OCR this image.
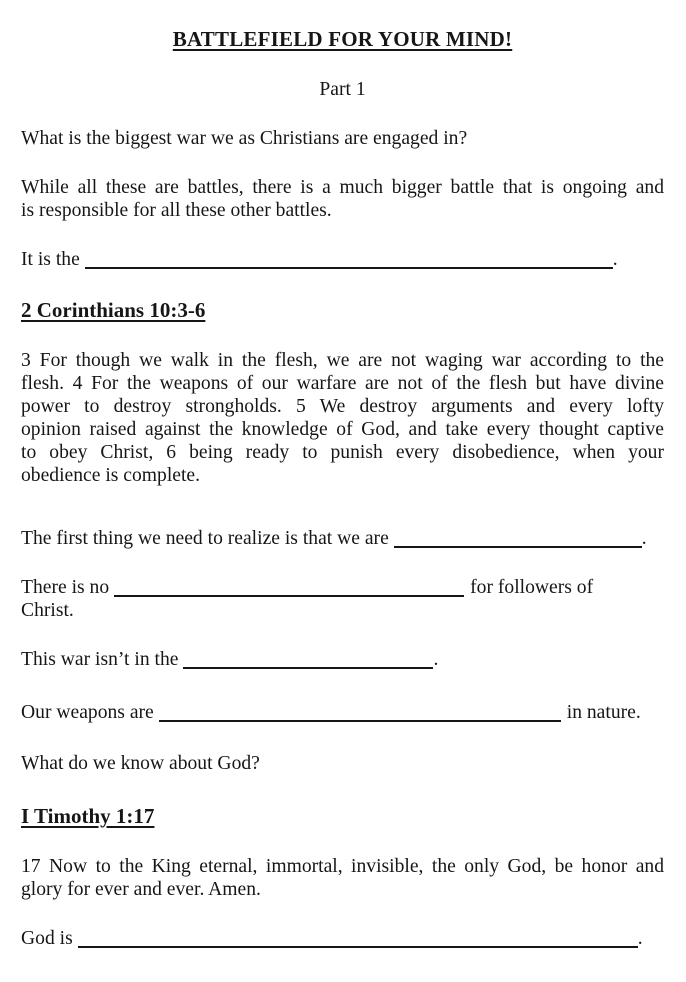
BATTLEFIELD FOR YOUR MIND!

Part 1

What is the biggest war we as Christians are engaged in?

While all these are battles, there is a much bigger battle that is ongoing and
is responsible for all these other battles.

It is the	.

2 Corinthians 10:3-6
3 For though we walk in the flesh, we are not waging war according to the
flesh. 4 For the weapons of our warfare are not of the flesh but have divine
power to destroy strongholds. 5 We destroy arguments and every lofty
opinion raised against the knowledge of God, and take every thought captive
to obey Christ, 6 being ready to punish every disobedience, when your
obedience is complete.

The first thing we need to realize is that we are	.

There is no	for followers of
Christ.

This war isn’t in the	.

Our weapons are	in nature.

What do we know about God?

I Timothy 1:17
17 Now to the King eternal, immortal, invisible, the only God, be honor and
glory for ever and ever. Amen.

God is	.
